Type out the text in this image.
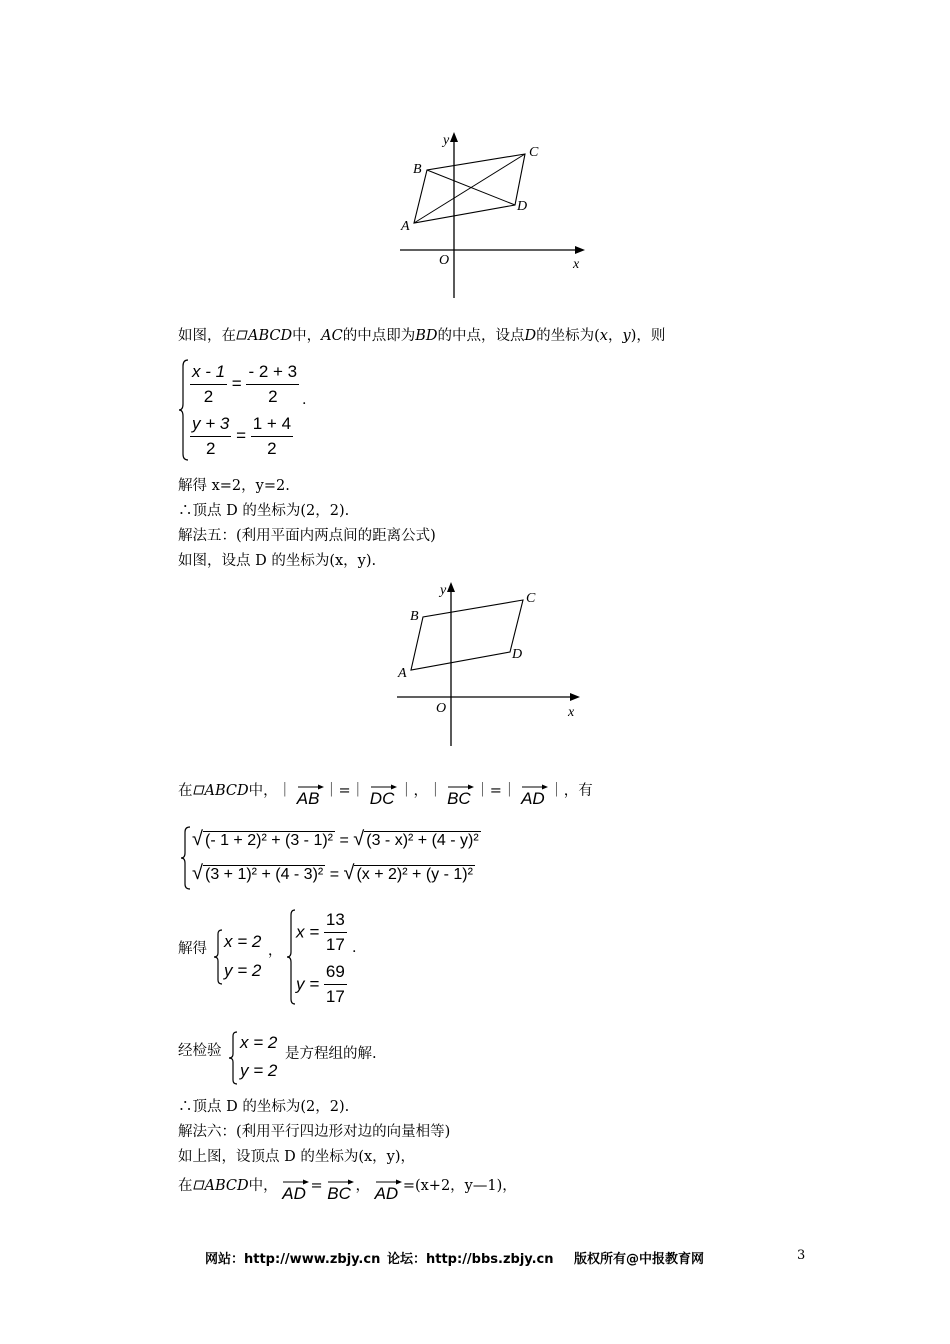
A
B
C
D
O	x
y
如图，在 ABCD中，AC的中点即为BD的中点，设点D的坐标为(x，y)，则
$\frac{x - 1}{2} = \frac{- 2 + 3}{2}$ .
$\frac{y + 3}{2} = \frac{1 + 4}{2}$
解得 x=2，y=2.
∴顶点 D 的坐标为(2，2).
解法五：(利用平面内两点间的距离公式)
如图，设点 D 的坐标为(x，y).
A
B
C
D
O	x
y
在 ABCD中，｜ AB ｜=｜ DC ｜，｜ BC ｜=｜ AD ｜，有
√ (- 1 + 2)² + (3 - 1)² = √ (3 - x)² + (4 - y)²
√ (3 + 1)² + (4 - 3)² = √ (x + 2)² + (y - 1)²
解得 x = 2
y = 2
，
$x = \frac{13}{17}$ .
$y = \frac{69}{17}$
经检验 x = 2
y = 2
是方程组的解.
∴顶点 D 的坐标为(2，2).
解法六：(利用平行四边形对边的向量相等)
如上图，设顶点 D 的坐标为(x，y)，
在 ABCD中， AD = BC ， AD =(x+2，y—1)，
网站：http://www.zbjy.cn 论坛：http://bbs.zbjy.cn 版权所有@中报教育网	3
